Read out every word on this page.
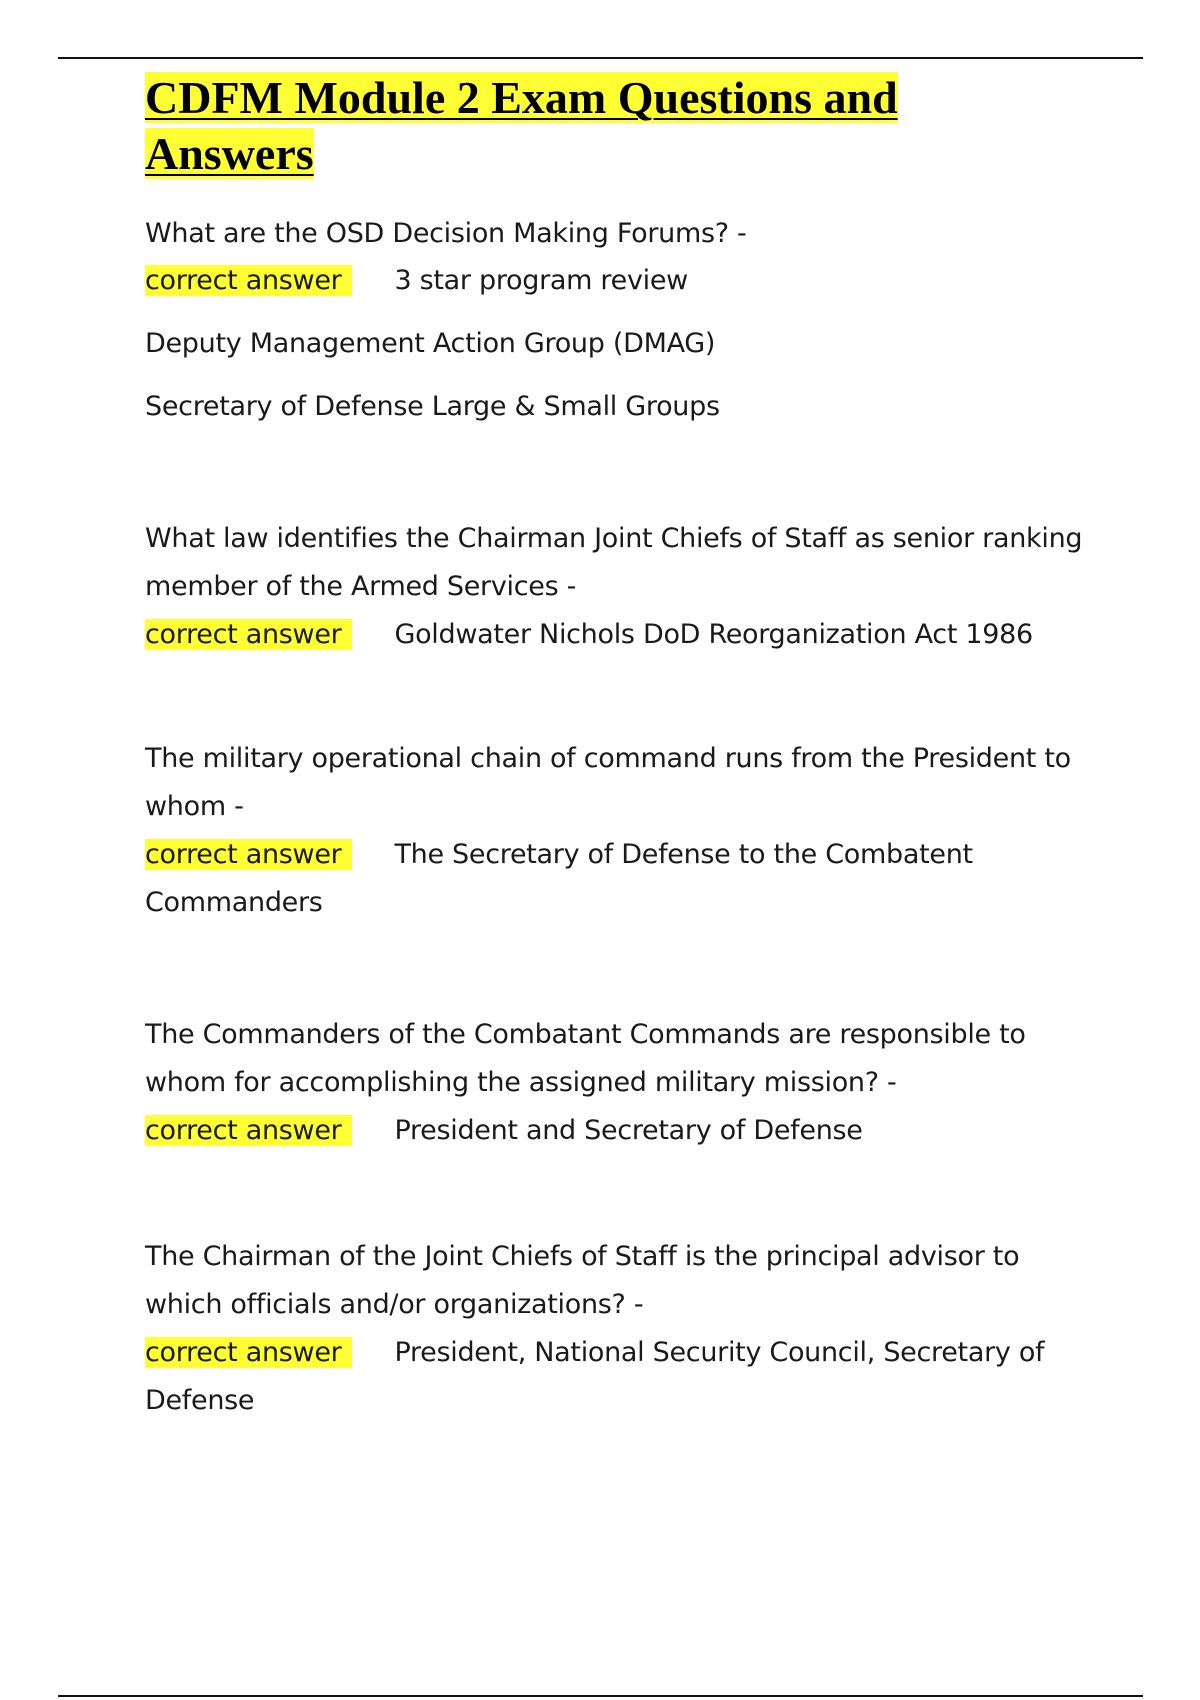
CDFM Module 2 Exam Questions and
Answers

What are the OSD Decision Making Forums? -

correct answer 3 star program review

Deputy Management Action Group (DMAG)

Secretary of Defense Large & Small Groups

What law identifies the Chairman Joint Chiefs of Staff as senior ranking member of the Armed Services -

correct answer Goldwater Nichols DoD Reorganization Act 1986

The military operational chain of command runs from the President to whom -

correct answer The Secretary of Defense to the Combatent Commanders

The Commanders of the Combatant Commands are responsible to whom for accomplishing the assigned military mission? -

correct answer President and Secretary of Defense

The Chairman of the Joint Chiefs of Staff is the principal advisor to which officials and/or organizations? -

correct answer President, National Security Council, Secretary of Defense
